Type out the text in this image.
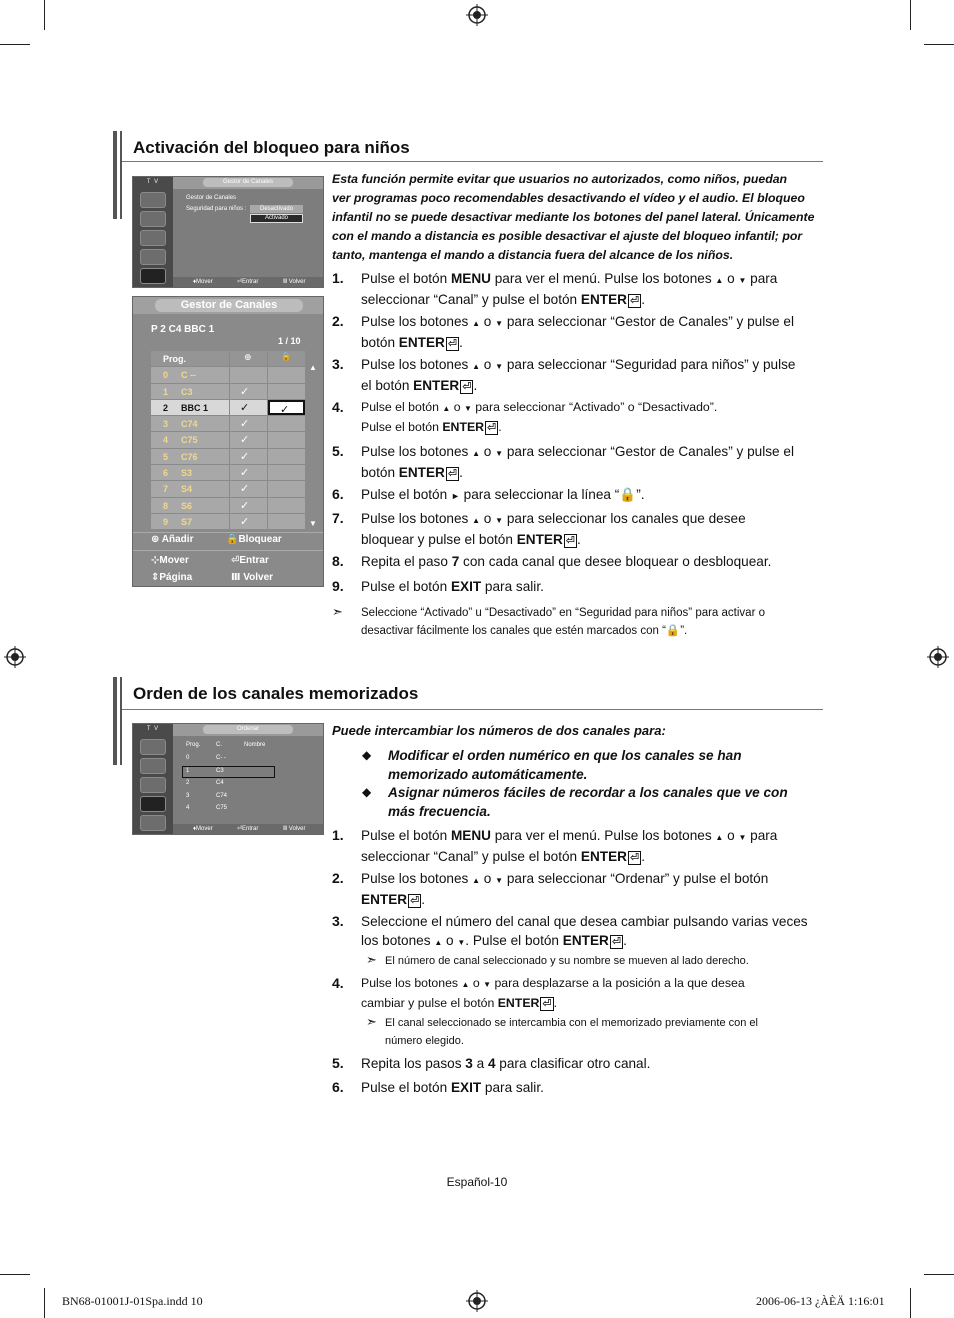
Activación del bloqueo para niños
T V	Gestor de Canales
Gestor de Canales
Seguridad para niños :	Desactivado
Activado
♦Mover	⏎Entrar	Ⅲ Volver
Gestor de Canales
P 2 C4 BBC 1
1 / 10
Prog.	⊕	🔒
0 C --
1 C3	✓
2 BBC 1	✓	✓
3 C74	✓
4 C75	✓
5 C76	✓
6 S3	✓
7 S4	✓
8 S6	✓
9 S7	✓
▲
▼
⊕ Añadir	🔒Bloquear
⊹Mover	⏎Entrar
⇕Página	Ⅲ Volver
Esta función permite evitar que usuarios no autorizados, como niños, puedan
ver programas poco recomendables desactivando el vídeo y el audio. El bloqueo
infantil no se puede desactivar mediante los botones del panel lateral. Únicamente
con el mando a distancia es posible desactivar el ajuste del bloqueo infantil; por
tanto, mantenga el mando a distancia fuera del alcance de los niños.
1. Pulse el botón MENU para ver el menú. Pulse los botones ▲ o ▼ para
seleccionar “Canal” y pulse el botón ENTER ⏎ .
2. Pulse los botones ▲ o ▼ para seleccionar “Gestor de Canales” y pulse el
botón ENTER ⏎ .
3. Pulse los botones ▲ o ▼ para seleccionar “Seguridad para niños” y pulse
el botón ENTER ⏎ .
4. Pulse el botón ▲ o ▼ para seleccionar “Activado” o “Desactivado”.
Pulse el botón ENTER ⏎ .
5. Pulse los botones ▲ o ▼ para seleccionar “Gestor de Canales” y pulse el
botón ENTER ⏎ .
6. Pulse el botón ► para seleccionar la línea “🔒”.
7. Pulse los botones ▲ o ▼ para seleccionar los canales que desee
bloquear y pulse el botón ENTER ⏎ .
8. Repita el paso 7 con cada canal que desee bloquear o desbloquear.
9. Pulse el botón EXIT para salir.
➣ Seleccione “Activado” u “Desactivado” en “Seguridad para niños” para activar o
desactivar fácilmente los canales que estén marcados con “🔒”.
Orden de los canales memorizados
T V	Ordenar
Prog.	C.	Nombre
0	C- -
1	C3
2	C4
3	C74
4	C75
♦Mover	⏎Entrar	Ⅲ Volver
Puede intercambiar los números de dos canales para:
◆ Modificar el orden numérico en que los canales se han
memorizado automáticamente.
◆ Asignar números fáciles de recordar a los canales que ve con
más frecuencia.
1. Pulse el botón MENU para ver el menú. Pulse los botones ▲ o ▼ para
seleccionar “Canal” y pulse el botón ENTER ⏎ .
2. Pulse los botones ▲ o ▼ para seleccionar “Ordenar” y pulse el botón
ENTER ⏎ .
3. Seleccione el número del canal que desea cambiar pulsando varias veces
los botones ▲ o ▼. Pulse el botón ENTER ⏎ .
4. Pulse los botones ▲ o ▼ para desplazarse a la posición a la que desea
cambiar y pulse el botón ENTER ⏎ .
5. Repita los pasos 3 a 4 para clasificar otro canal.
6. Pulse el botón EXIT para salir.
➣ El número de canal seleccionado y su nombre se mueven al lado derecho.
➣ El canal seleccionado se intercambia con el memorizado previamente con el
número elegido.
Español-10
BN68-01001J-01Spa.indd 10	2006-06-13 ¿ÀÈÄ 1:16:01
